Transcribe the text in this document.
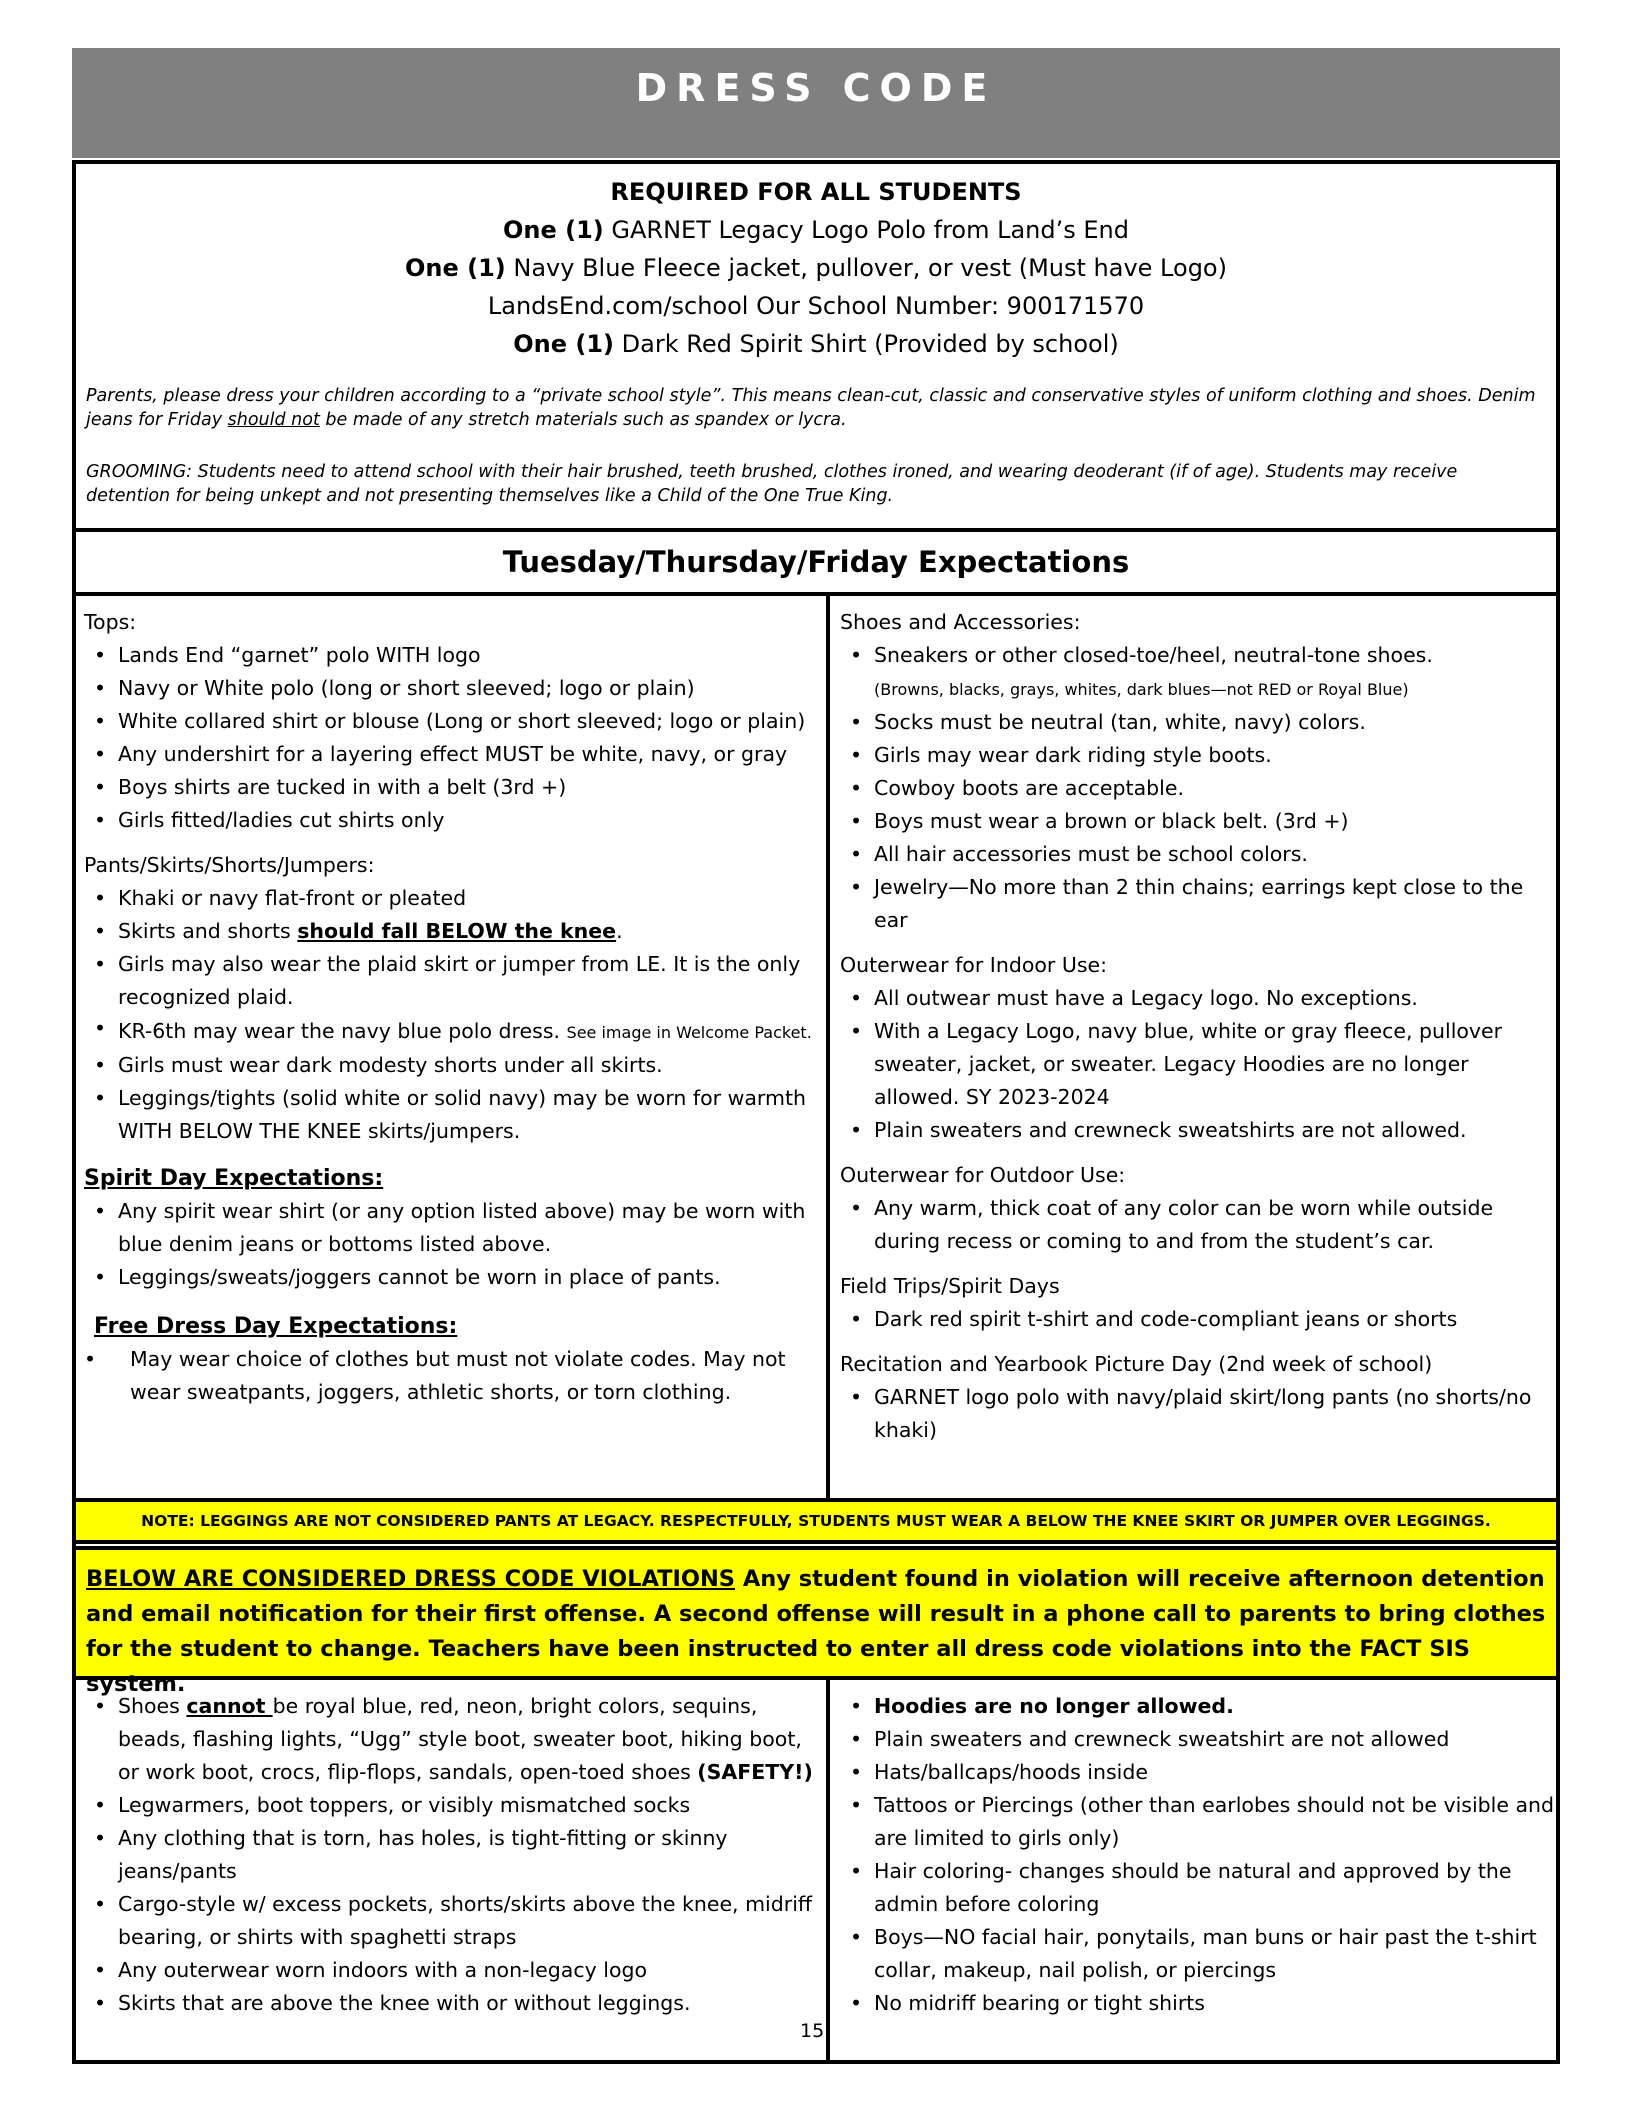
DRESS CODE
REQUIRED FOR ALL STUDENTS
One (1) GARNET Legacy Logo Polo from Land’s End
One (1) Navy Blue Fleece jacket, pullover, or vest (Must have Logo)
LandsEnd.com/school Our School Number: 900171570
One (1) Dark Red Spirit Shirt (Provided by school)
Parents, please dress your children according to a “private school style”. This means clean-cut, classic and conservative styles of uniform clothing and shoes. Denim jeans for Friday should not be made of any stretch materials such as spandex or lycra.
GROOMING: Students need to attend school with their hair brushed, teeth brushed, clothes ironed, and wearing deoderant (if of age). Students may receive detention for being unkept and not presenting themselves like a Child of the One True King.
Tuesday/Thursday/Friday Expectations
Tops:
• Lands End “garnet” polo WITH logo
• Navy or White polo (long or short sleeved; logo or plain)
• White collared shirt or blouse (Long or short sleeved; logo or plain)
• Any undershirt for a layering effect MUST be white, navy, or gray
• Boys shirts are tucked in with a belt (3rd +)
• Girls fitted/ladies cut shirts only
Pants/Skirts/Shorts/Jumpers:
• Khaki or navy flat-front or pleated
• Skirts and shorts should fall BELOW the knee.
• Girls may also wear the plaid skirt or jumper from LE. It is the only recognized plaid.
• KR-6th may wear the navy blue polo dress. See image in Welcome Packet.
• Girls must wear dark modesty shorts under all skirts.
• Leggings/tights (solid white or solid navy) may be worn for warmth WITH BELOW THE KNEE skirts/jumpers.
Spirit Day Expectations:
• Any spirit wear shirt (or any option listed above) may be worn with blue denim jeans or bottoms listed above.
• Leggings/sweats/joggers cannot be worn in place of pants.
Free Dress Day Expectations:
• May wear choice of clothes but must not violate codes. May not wear sweatpants, joggers, athletic shorts, or torn clothing.
Shoes and Accessories:
• Sneakers or other closed-toe/heel, neutral-tone shoes.
(Browns, blacks, grays, whites, dark blues—not RED or Royal Blue)
• Socks must be neutral (tan, white, navy) colors.
• Girls may wear dark riding style boots.
• Cowboy boots are acceptable.
• Boys must wear a brown or black belt. (3rd +)
• All hair accessories must be school colors.
• Jewelry—No more than 2 thin chains; earrings kept close to the ear
Outerwear for Indoor Use:
• All outwear must have a Legacy logo. No exceptions.
• With a Legacy Logo, navy blue, white or gray fleece, pullover sweater, jacket, or sweater. Legacy Hoodies are no longer allowed. SY 2023-2024
• Plain sweaters and crewneck sweatshirts are not allowed.
Outerwear for Outdoor Use:
• Any warm, thick coat of any color can be worn while outside during recess or coming to and from the student’s car.
Field Trips/Spirit Days
• Dark red spirit t-shirt and code-compliant jeans or shorts
Recitation and Yearbook Picture Day (2nd week of school)
• GARNET logo polo with navy/plaid skirt/long pants (no shorts/no khaki)
NOTE: LEGGINGS ARE NOT CONSIDERED PANTS AT LEGACY. RESPECTFULLY, STUDENTS MUST WEAR A BELOW THE KNEE SKIRT OR JUMPER OVER LEGGINGS.
BELOW ARE CONSIDERED DRESS CODE VIOLATIONS Any student found in violation will receive afternoon detention and email notification for their first offense. A second offense will result in a phone call to parents to bring clothes for the student to change. Teachers have been instructed to enter all dress code violations into the FACT SIS system.
• Shoes cannot be royal blue, red, neon, bright colors, sequins, beads, flashing lights, “Ugg” style boot, sweater boot, hiking boot, or work boot, crocs, flip-flops, sandals, open-toed shoes (SAFETY!)
• Legwarmers, boot toppers, or visibly mismatched socks
• Any clothing that is torn, has holes, is tight-fitting or skinny jeans/pants
• Cargo-style w/ excess pockets, shorts/skirts above the knee, midriff bearing, or shirts with spaghetti straps
• Any outerwear worn indoors with a non-legacy logo
• Skirts that are above the knee with or without leggings.
• Hoodies are no longer allowed.
• Plain sweaters and crewneck sweatshirt are not allowed
• Hats/ballcaps/hoods inside
• Tattoos or Piercings (other than earlobes should not be visible and are limited to girls only)
• Hair coloring- changes should be natural and approved by the admin before coloring
• Boys—NO facial hair, ponytails, man buns or hair past the t-shirt collar, makeup, nail polish, or piercings
• No midriff bearing or tight shirts
15
